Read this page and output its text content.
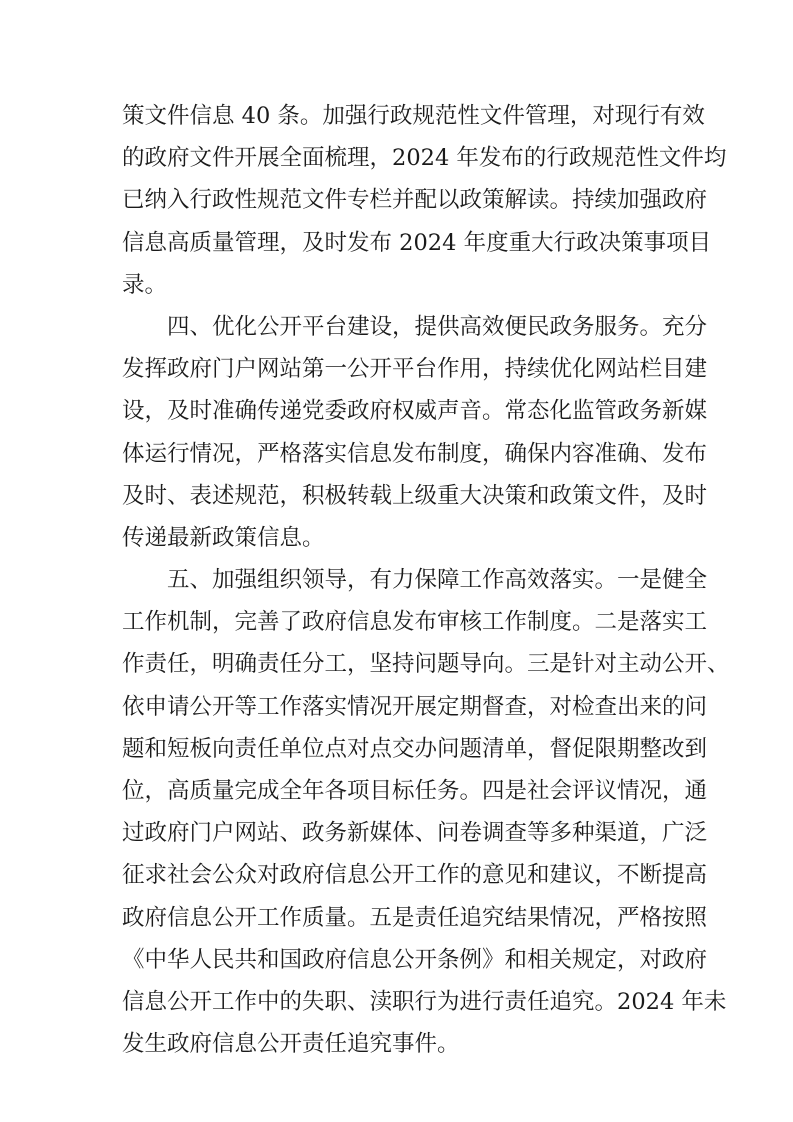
策文件信息 40 条。加强行政规范性文件管理，对现行有效
的政府文件开展全面梳理，2024 年发布的行政规范性文件均
已纳入行政性规范文件专栏并配以政策解读。持续加强政府
信息高质量管理，及时发布 2024 年度重大行政决策事项目
录。
四、优化公开平台建设，提供高效便民政务服务。充分
发挥政府门户网站第一公开平台作用，持续优化网站栏目建
设，及时准确传递党委政府权威声音。常态化监管政务新媒
体运行情况，严格落实信息发布制度，确保内容准确、发布
及时、表述规范，积极转载上级重大决策和政策文件，及时
传递最新政策信息。
五、加强组织领导，有力保障工作高效落实。一是健全
工作机制，完善了政府信息发布审核工作制度。二是落实工
作责任，明确责任分工，坚持问题导向。三是针对主动公开、
依申请公开等工作落实情况开展定期督查，对检查出来的问
题和短板向责任单位点对点交办问题清单，督促限期整改到
位，高质量完成全年各项目标任务。四是社会评议情况，通
过政府门户网站、政务新媒体、问卷调查等多种渠道，广泛
征求社会公众对政府信息公开工作的意见和建议，不断提高
政府信息公开工作质量。五是责任追究结果情况，严格按照
《中华人民共和国政府信息公开条例》和相关规定，对政府
信息公开工作中的失职、渎职行为进行责任追究。2024 年未
发生政府信息公开责任追究事件。
